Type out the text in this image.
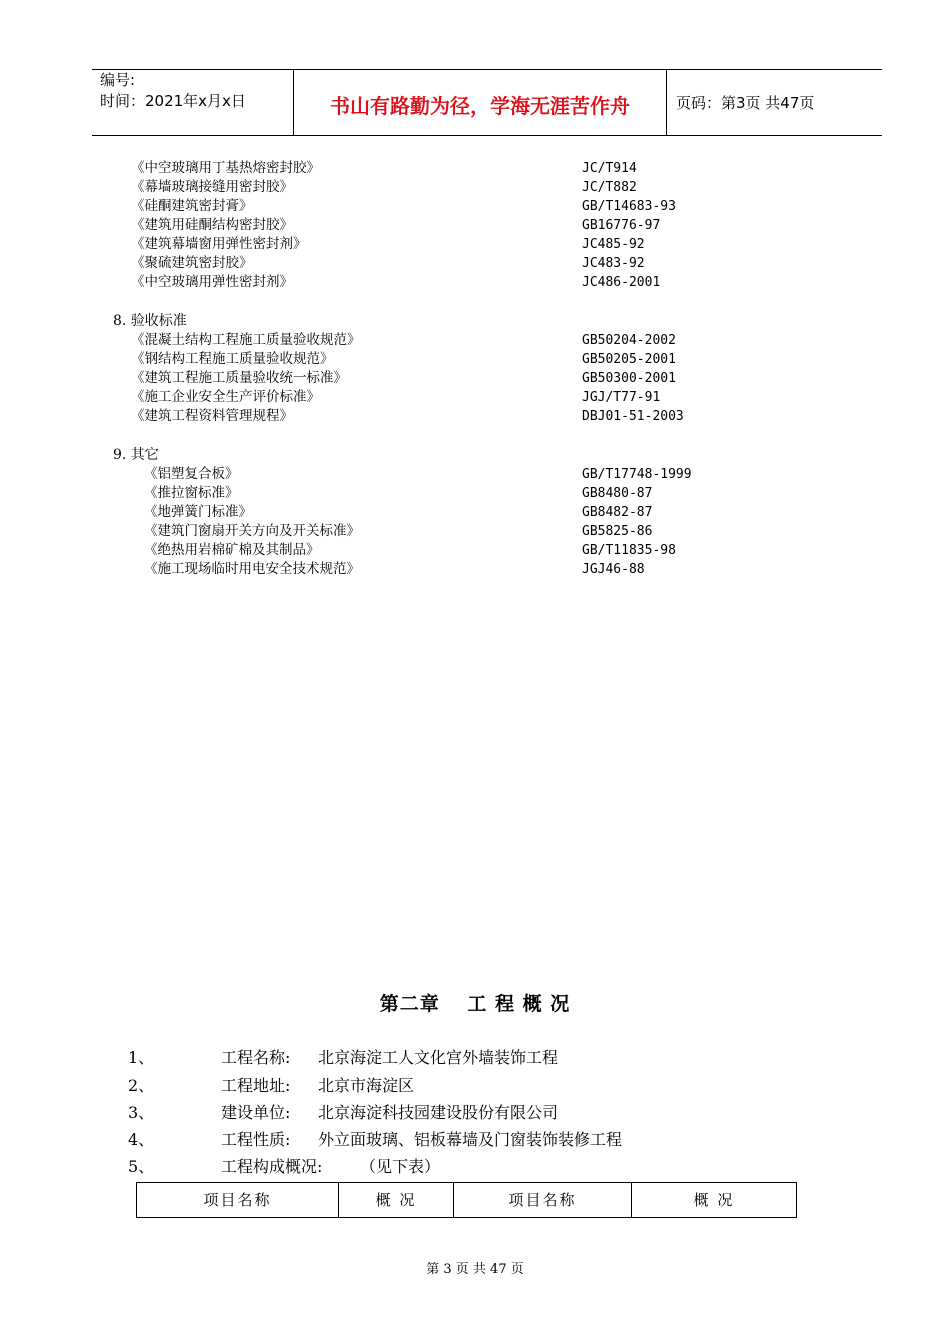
编号:
时间：2021年x月x日	书山有路勤为径，学海无涯苦作舟	页码：第3页 共47页
《中空玻璃用丁基热熔密封胶》	JC/T914
《幕墙玻璃接缝用密封胶》	JC/T882
《硅酮建筑密封膏》	GB/T14683-93
《建筑用硅酮结构密封胶》	GB16776-97
《建筑幕墙窗用弹性密封剂》	JC485-92
《聚硫建筑密封胶》	JC483-92
《中空玻璃用弹性密封剂》	JC486-2001
8. 验收标准
《混凝土结构工程施工质量验收规范》	GB50204-2002
《钢结构工程施工质量验收规范》	GB50205-2001
《建筑工程施工质量验收统一标准》	GB50300-2001
《施工企业安全生产评价标准》	JGJ/T77-91
《建筑工程资料管理规程》	DBJ01-51-2003
9. 其它
《铝塑复合板》	GB/T17748-1999
《推拉窗标准》	GB8480-87
《地弹簧门标准》	GB8482-87
《建筑门窗扇开关方向及开关标准》	GB5825-86
《绝热用岩棉矿棉及其制品》	GB/T11835-98
《施工现场临时用电安全技术规范》	JGJ46-88
第二章　 工 程 概 况
1、	工程名称: 北京海淀工人文化宫外墙装饰工程
2、	工程地址: 北京市海淀区
3、	建设单位: 北京海淀科技园建设股份有限公司
4、	工程性质: 外立面玻璃、铝板幕墙及门窗装饰装修工程
5、	工程构成概况: （见下表）
项目名称	概 况	项目名称	概 况
第 3 页 共 47 页
